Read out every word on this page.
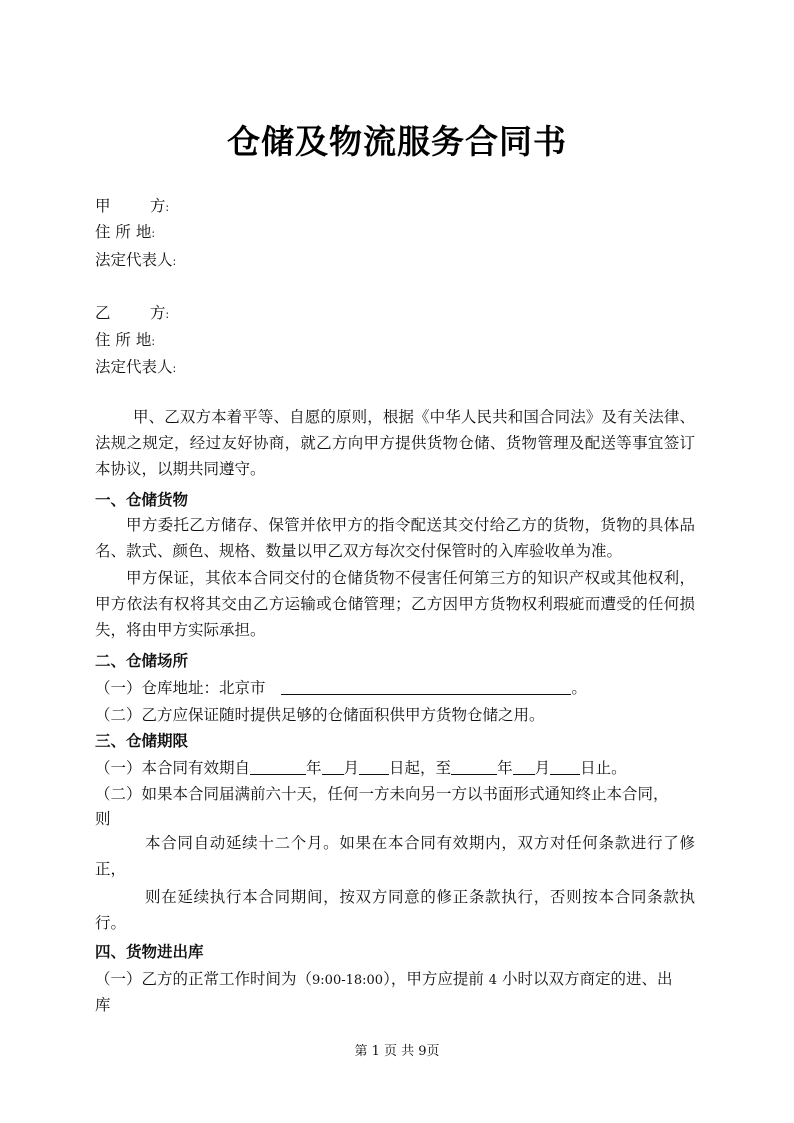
仓储及物流服务合同书
甲        方:
住 所 地:
法定代表人:
乙        方:
住 所 地:
法定代表人:
甲、乙双方本着平等、自愿的原则，根据《中华人民共和国合同法》及有关法律、法规之规定，经过友好协商，就乙方向甲方提供货物仓储、货物管理及配送等事宜签订本协议，以期共同遵守。
一、仓储货物
甲方委托乙方储存、保管并依甲方的指令配送其交付给乙方的货物，货物的具体品名、款式、颜色、规格、数量以甲乙双方每次交付保管时的入库验收单为准。
甲方保证，其依本合同交付的仓储货物不侵害任何第三方的知识产权或其他权利，甲方依法有权将其交由乙方运输或仓储管理；乙方因甲方货物权利瑕疵而遭受的任何损失，将由甲方实际承担。
二、仓储场所
（一）仓库地址：北京市	。
（二）乙方应保证随时提供足够的仓储面积供甲方货物仓储之用。
三、仓储期限
（一）本合同有效期自	年 月 日起，至	年 月 日止。
（二）如果本合同届满前六十天，任何一方未向另一方以书面形式通知终止本合同，
则
本合同自动延续十二个月。如果在本合同有效期内，双方对任何条款进行了修正，
则在延续执行本合同期间，按双方同意的修正条款执行，否则按本合同条款执行。
四、货物进出库
（一）乙方的正常工作时间为（9:00-18:00），甲方应提前 4 小时以双方商定的进、出
库
第 1 页 共 9页
